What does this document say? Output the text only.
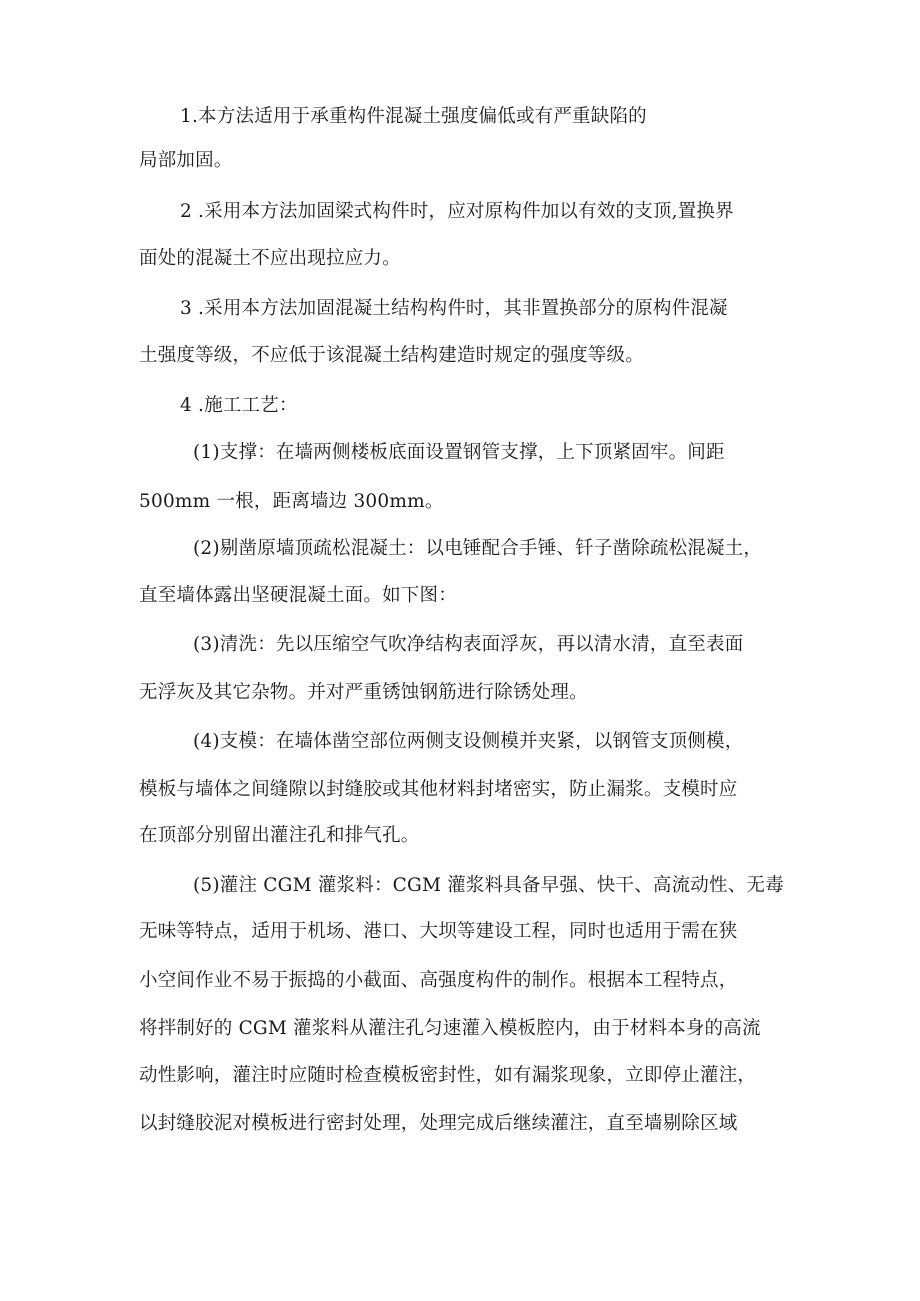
1.本方法适用于承重构件混凝土强度偏低或有严重缺陷的
局部加固。
2 .采用本方法加固梁式构件时，应对原构件加以有效的支顶,置换界
面处的混凝土不应出现拉应力。
3 .采用本方法加固混凝土结构构件时，其非置换部分的原构件混凝
土强度等级，不应低于该混凝土结构建造时规定的强度等级。
4 .施工工艺：
(1)支撑：在墙两侧楼板底面设置钢管支撑，上下顶紧固牢。间距
500mm 一根，距离墙边 300mm。
(2)剔凿原墙顶疏松混凝土：以电锤配合手锤、钎子凿除疏松混凝土，
直至墙体露出坚硬混凝土面。如下图：
(3)清洗：先以压缩空气吹净结构表面浮灰，再以清水清，直至表面
无浮灰及其它杂物。并对严重锈蚀钢筋进行除锈处理。
(4)支模：在墙体凿空部位两侧支设侧模并夹紧，以钢管支顶侧模，
模板与墙体之间缝隙以封缝胶或其他材料封堵密实，防止漏浆。支模时应
在顶部分别留出灌注孔和排气孔。
(5)灌注 CGM 灌浆料：CGM 灌浆料具备早强、快干、高流动性、无毒
无味等特点，适用于机场、港口、大坝等建设工程，同时也适用于需在狭
小空间作业不易于振捣的小截面、高强度构件的制作。根据本工程特点，
将拌制好的 CGM 灌浆料从灌注孔匀速灌入模板腔内，由于材料本身的高流
动性影响，灌注时应随时检查模板密封性，如有漏浆现象，立即停止灌注，
以封缝胶泥对模板进行密封处理，处理完成后继续灌注，直至墙剔除区域
